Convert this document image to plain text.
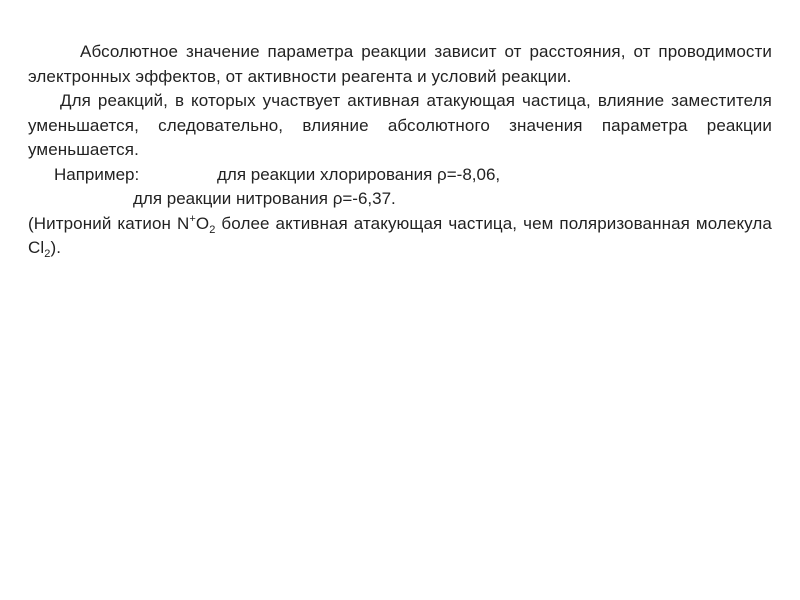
Абсолютное значение параметра реакции зависит от расстояния, от проводимости электронных эффектов, от активности реагента и условий реакции.

Для реакций, в которых участвует активная атакующая частица, влияние заместителя уменьшается, следовательно, влияние абсолютного значения параметра реакции уменьшается.

Например:	для реакции хлорирования ρ=-8,06,

для реакции нитрования ρ=-6,37.

(Нитроний катион $N^+O_2$ более активная атакующая частица, чем поляризованная молекула $Cl_2$).
